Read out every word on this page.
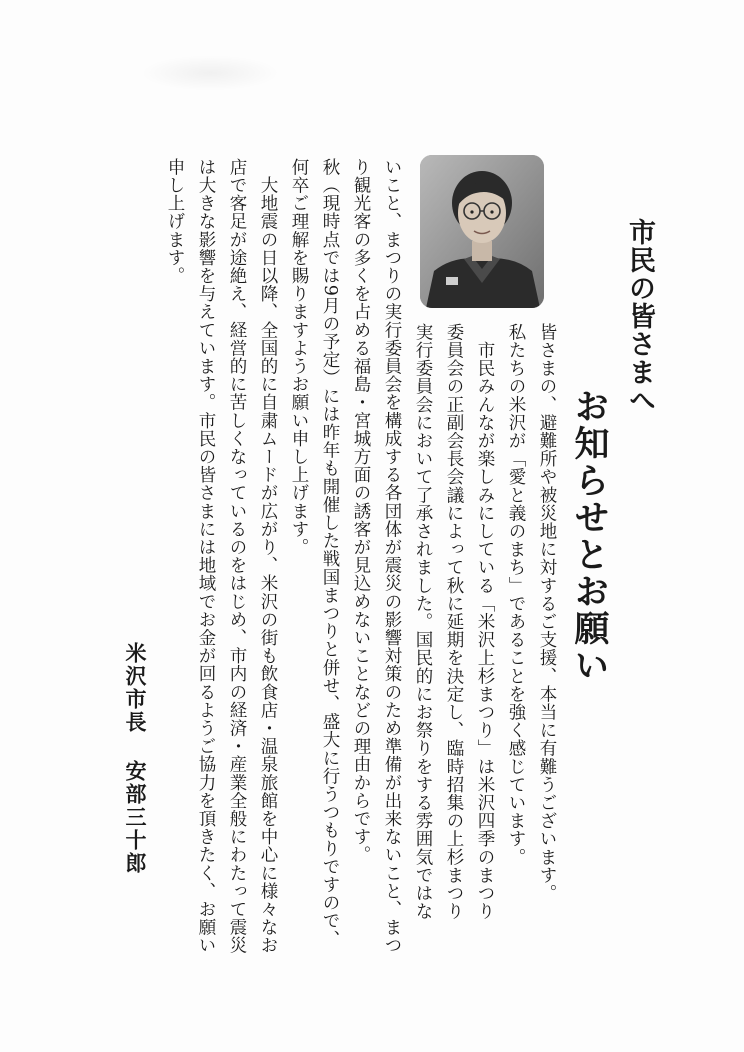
市民の皆さまへ
お知らせとお願い
皆さまの、避難所や被災地に対するご支援、本当に有難うございます。
私たちの米沢が「愛と義のまち」であることを強く感じています。
　市民みんなが楽しみにしている「米沢上杉まつり」は米沢四季のまつり
委員会の正副会長会議によって秋に延期を決定し、臨時招集の上杉まつり
実行委員会において了承されました。国民的にお祭りをする雰囲気ではな
いこと、まつりの実行委員会を構成する各団体が震災の影響対策のため準備が出来ないこと、まつ
り観光客の多くを占める福島・宮城方面の誘客が見込めないことなどの理由からです。
秋（現時点では9月の予定）には昨年も開催した戦国まつりと併せ、盛大に行うつもりですので、
何卒ご理解を賜りますようお願い申し上げます。
　大地震の日以降、全国的に自粛ムードが広がり、米沢の街も飲食店・温泉旅館を中心に様々なお
店で客足が途絶え、経営的に苦しくなっているのをはじめ、市内の経済・産業全般にわたって震災
は大きな影響を与えています。市民の皆さまには地域でお金が回るようご協力を頂きたく、お願い
申し上げます。
米沢市長
安部三十郎
